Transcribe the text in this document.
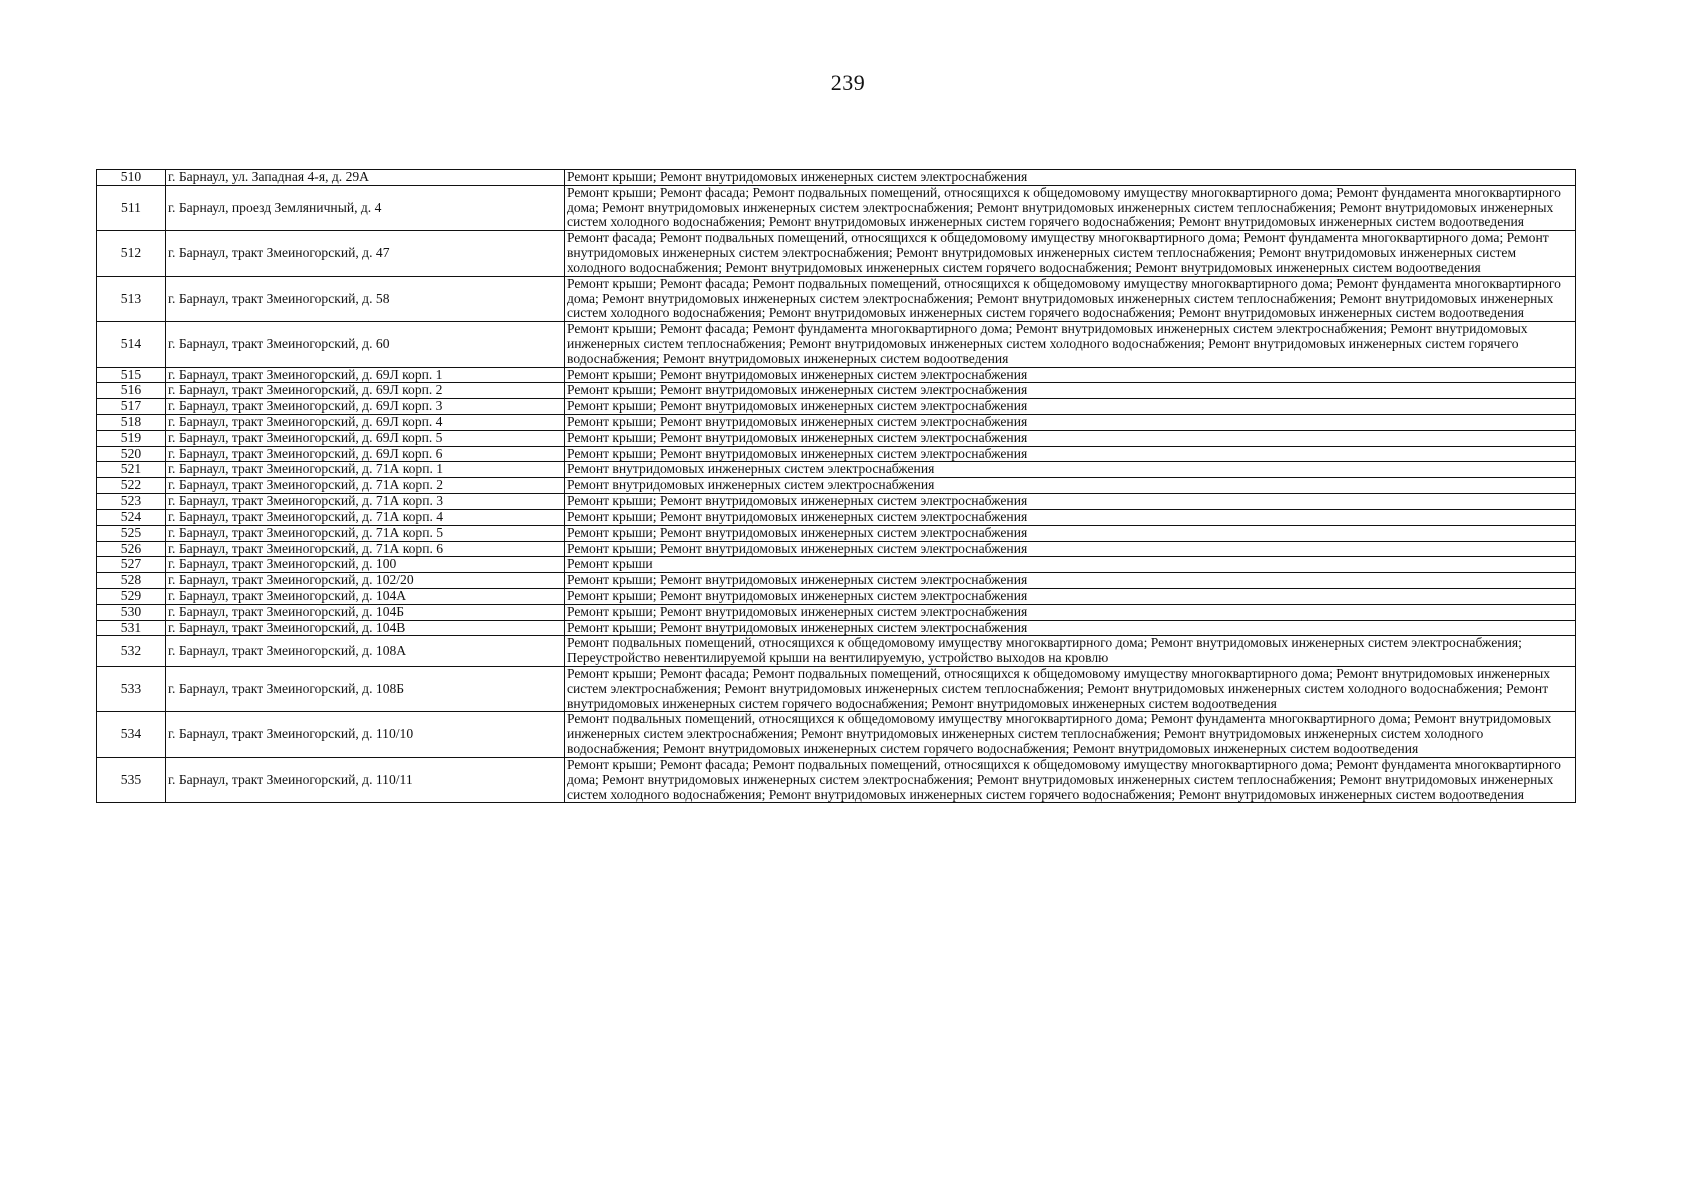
239
510	г. Барнаул, ул. Западная 4-я, д. 29А	Ремонт крыши; Ремонт внутридомовых инженерных систем электроснабжения
511	г. Барнаул, проезд Земляничный, д. 4	Ремонт крыши; Ремонт фасада; Ремонт подвальных помещений, относящихся к общедомовому имуществу многоквартирного дома; Ремонт фундамента многоквартирного дома; Ремонт внутридомовых инженерных систем электроснабжения; Ремонт внутридомовых инженерных систем теплоснабжения; Ремонт внутридомовых инженерных систем холодного водоснабжения; Ремонт внутридомовых инженерных систем горячего водоснабжения; Ремонт внутридомовых инженерных систем водоотведения
512	г. Барнаул, тракт Змеиногорский, д. 47	Ремонт фасада; Ремонт подвальных помещений, относящихся к общедомовому имуществу многоквартирного дома; Ремонт фундамента многоквартирного дома; Ремонт внутридомовых инженерных систем электроснабжения; Ремонт внутридомовых инженерных систем теплоснабжения; Ремонт внутридомовых инженерных систем холодного водоснабжения; Ремонт внутридомовых инженерных систем горячего водоснабжения; Ремонт внутридомовых инженерных систем водоотведения
513	г. Барнаул, тракт Змеиногорский, д. 58	Ремонт крыши; Ремонт фасада; Ремонт подвальных помещений, относящихся к общедомовому имуществу многоквартирного дома; Ремонт фундамента многоквартирного дома; Ремонт внутридомовых инженерных систем электроснабжения; Ремонт внутридомовых инженерных систем теплоснабжения; Ремонт внутридомовых инженерных систем холодного водоснабжения; Ремонт внутридомовых инженерных систем горячего водоснабжения; Ремонт внутридомовых инженерных систем водоотведения
514	г. Барнаул, тракт Змеиногорский, д. 60	Ремонт крыши; Ремонт фасада; Ремонт фундамента многоквартирного дома; Ремонт внутридомовых инженерных систем электроснабжения; Ремонт внутридомовых инженерных систем теплоснабжения; Ремонт внутридомовых инженерных систем холодного водоснабжения; Ремонт внутридомовых инженерных систем горячего водоснабжения; Ремонт внутридомовых инженерных систем водоотведения
515	г. Барнаул, тракт Змеиногорский, д. 69Л корп. 1	Ремонт крыши; Ремонт внутридомовых инженерных систем электроснабжения
516	г. Барнаул, тракт Змеиногорский, д. 69Л корп. 2	Ремонт крыши; Ремонт внутридомовых инженерных систем электроснабжения
517	г. Барнаул, тракт Змеиногорский, д. 69Л корп. 3	Ремонт крыши; Ремонт внутридомовых инженерных систем электроснабжения
518	г. Барнаул, тракт Змеиногорский, д. 69Л корп. 4	Ремонт крыши; Ремонт внутридомовых инженерных систем электроснабжения
519	г. Барнаул, тракт Змеиногорский, д. 69Л корп. 5	Ремонт крыши; Ремонт внутридомовых инженерных систем электроснабжения
520	г. Барнаул, тракт Змеиногорский, д. 69Л корп. 6	Ремонт крыши; Ремонт внутридомовых инженерных систем электроснабжения
521	г. Барнаул, тракт Змеиногорский, д. 71А корп. 1	Ремонт внутридомовых инженерных систем электроснабжения
522	г. Барнаул, тракт Змеиногорский, д. 71А корп. 2	Ремонт внутридомовых инженерных систем электроснабжения
523	г. Барнаул, тракт Змеиногорский, д. 71А корп. 3	Ремонт крыши; Ремонт внутридомовых инженерных систем электроснабжения
524	г. Барнаул, тракт Змеиногорский, д. 71А корп. 4	Ремонт крыши; Ремонт внутридомовых инженерных систем электроснабжения
525	г. Барнаул, тракт Змеиногорский, д. 71А корп. 5	Ремонт крыши; Ремонт внутридомовых инженерных систем электроснабжения
526	г. Барнаул, тракт Змеиногорский, д. 71А корп. 6	Ремонт крыши; Ремонт внутридомовых инженерных систем электроснабжения
527	г. Барнаул, тракт Змеиногорский, д. 100	Ремонт крыши
528	г. Барнаул, тракт Змеиногорский, д. 102/20	Ремонт крыши; Ремонт внутридомовых инженерных систем электроснабжения
529	г. Барнаул, тракт Змеиногорский, д. 104А	Ремонт крыши; Ремонт внутридомовых инженерных систем электроснабжения
530	г. Барнаул, тракт Змеиногорский, д. 104Б	Ремонт крыши; Ремонт внутридомовых инженерных систем электроснабжения
531	г. Барнаул, тракт Змеиногорский, д. 104В	Ремонт крыши; Ремонт внутридомовых инженерных систем электроснабжения
532	г. Барнаул, тракт Змеиногорский, д. 108А	Ремонт подвальных помещений, относящихся к общедомовому имуществу многоквартирного дома; Ремонт внутридомовых инженерных систем электроснабжения; Переустройство невентилируемой крыши на вентилируемую, устройство выходов на кровлю
533	г. Барнаул, тракт Змеиногорский, д. 108Б	Ремонт крыши; Ремонт фасада; Ремонт подвальных помещений, относящихся к общедомовому имуществу многоквартирного дома; Ремонт внутридомовых инженерных систем электроснабжения; Ремонт внутридомовых инженерных систем теплоснабжения; Ремонт внутридомовых инженерных систем холодного водоснабжения; Ремонт внутридомовых инженерных систем горячего водоснабжения; Ремонт внутридомовых инженерных систем водоотведения
534	г. Барнаул, тракт Змеиногорский, д. 110/10	Ремонт подвальных помещений, относящихся к общедомовому имуществу многоквартирного дома; Ремонт фундамента многоквартирного дома; Ремонт внутридомовых инженерных систем электроснабжения; Ремонт внутридомовых инженерных систем теплоснабжения; Ремонт внутридомовых инженерных систем холодного водоснабжения; Ремонт внутридомовых инженерных систем горячего водоснабжения; Ремонт внутридомовых инженерных систем водоотведения
535	г. Барнаул, тракт Змеиногорский, д. 110/11	Ремонт крыши; Ремонт фасада; Ремонт подвальных помещений, относящихся к общедомовому имуществу многоквартирного дома; Ремонт фундамента многоквартирного дома; Ремонт внутридомовых инженерных систем электроснабжения; Ремонт внутридомовых инженерных систем теплоснабжения; Ремонт внутридомовых инженерных систем холодного водоснабжения; Ремонт внутридомовых инженерных систем горячего водоснабжения; Ремонт внутридомовых инженерных систем водоотведения
